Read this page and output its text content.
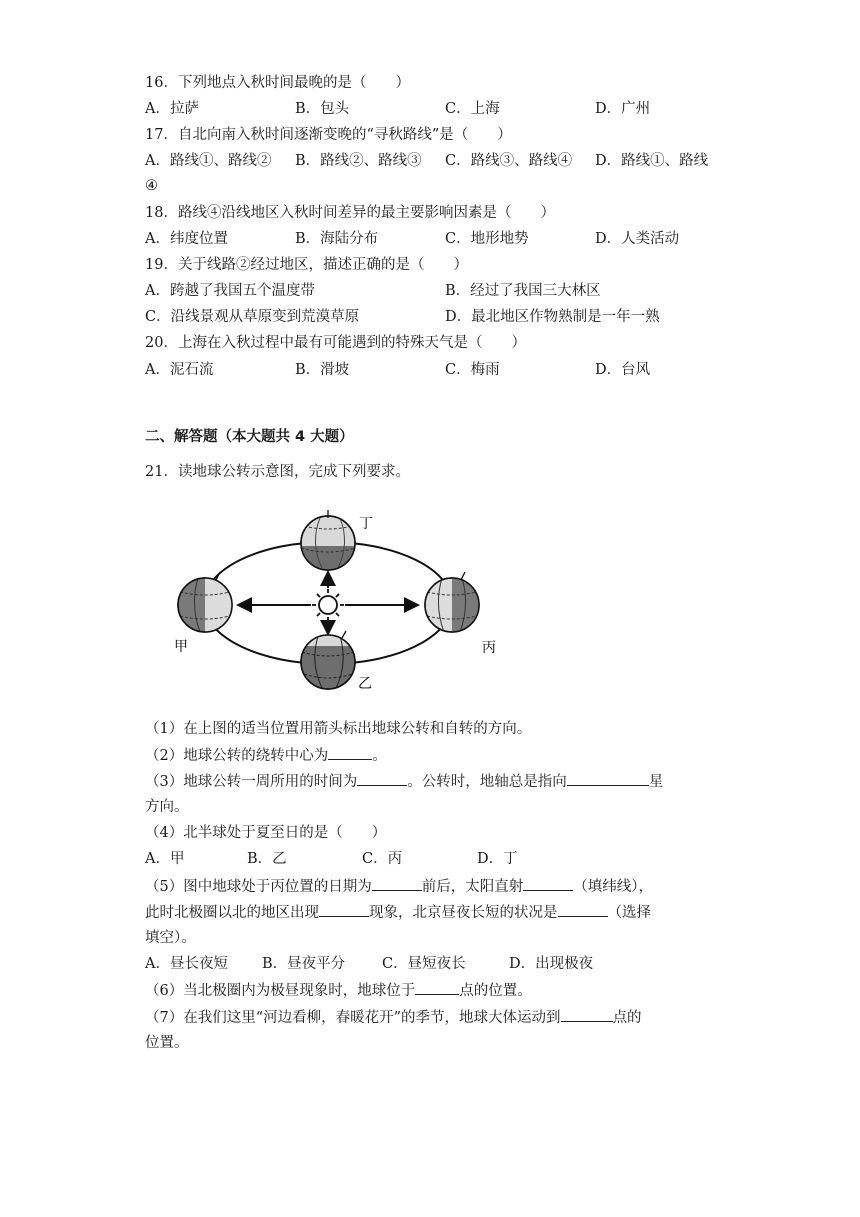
16．下列地点入秋时间最晚的是（　　）
A．拉萨	B．包头	C．上海	D．广州
17．自北向南入秋时间逐渐变晚的“寻秋路线”是（　　）
A．路线①、路线② B．路线②、路线③ C．路线③、路线④ D．路线①、路线
④
18．路线④沿线地区入秋时间差异的最主要影响因素是（　　）
A．纬度位置	B．海陆分布	C．地形地势	D．人类活动
19．关于线路②经过地区，描述正确的是（　　）
A．跨越了我国五个温度带	B．经过了我国三大林区
C．沿线景观从草原变到荒漠草原	D．最北地区作物熟制是一年一熟
20．上海在入秋过程中最有可能遇到的特殊天气是（　　）
A．泥石流	B．滑坡	C．梅雨	D．台风
二、解答题（本大题共 4 大题）
21．读地球公转示意图，完成下列要求。
丁
乙
丙
甲
（1）在上图的适当位置用箭头标出地球公转和自转的方向。
（2）地球公转的绕转中心为	。
（3）地球公转一周所用的时间为	。公转时，地轴总是指向	星
方向。
（4）北半球处于夏至日的是（　　）
A．甲	B．乙	C．丙	D．丁
（5）图中地球处于丙位置的日期为	前后，太阳直射	（填纬线），
此时北极圈以北的地区出现	现象，北京昼夜长短的状况是	（选择
填空）。
A．昼长夜短 B．昼夜平分	C．昼短夜长	D．出现极夜
（6）当北极圈内为极昼现象时，地球位于	点的位置。
（7）在我们这里“河边看柳，春暖花开”的季节，地球大体运动到	点的
位置。
